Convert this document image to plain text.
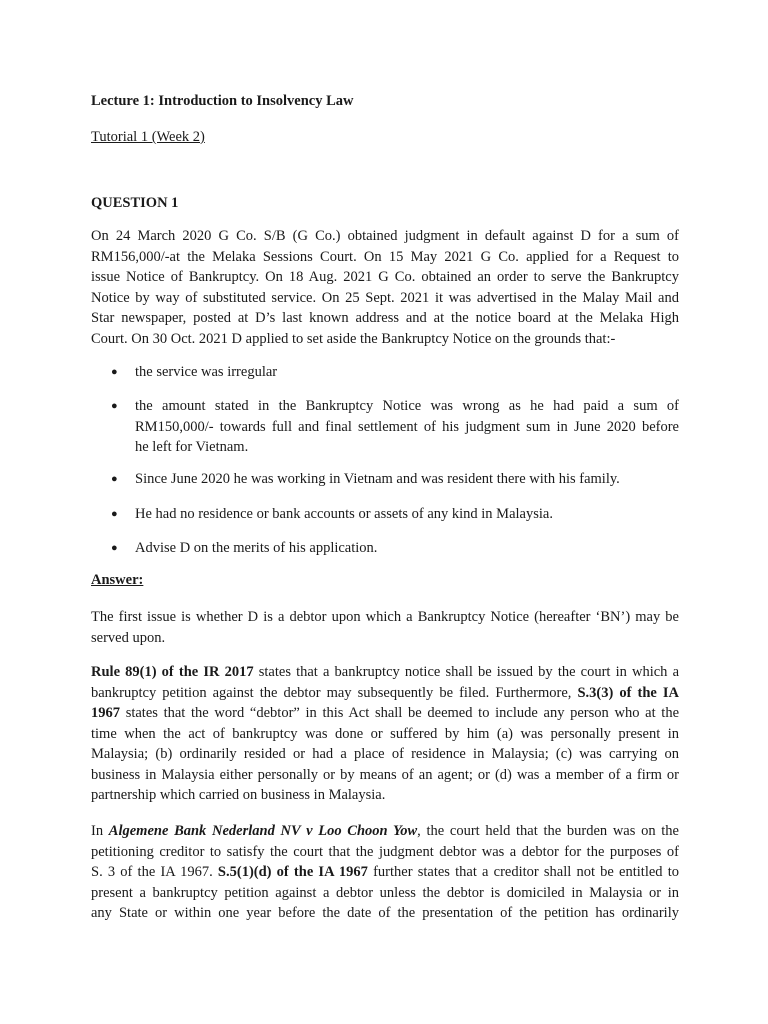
Lecture 1: Introduction to Insolvency Law
Tutorial 1 (Week 2)
QUESTION 1
On 24 March 2020 G Co. S/B (G Co.) obtained judgment in default against D for a sum of
RM156,000/-at the Melaka Sessions Court. On 15 May 2021 G Co. applied for a Request to
issue Notice of Bankruptcy. On 18 Aug. 2021 G Co. obtained an order to serve the Bankruptcy
Notice by way of substituted service. On 25 Sept. 2021 it was advertised in the Malay Mail and
Star newspaper, posted at D’s last known address and at the notice board at the Melaka High
Court. On 30 Oct. 2021 D applied to set aside the Bankruptcy Notice on the grounds that:-
● the service was irregular
● the amount stated in the Bankruptcy Notice was wrong as he had paid a sum of
RM150,000/- towards full and final settlement of his judgment sum in June 2020 before
he left for Vietnam.
● Since June 2020 he was working in Vietnam and was resident there with his family.
● He had no residence or bank accounts or assets of any kind in Malaysia.
● Advise D on the merits of his application.
Answer:
The first issue is whether D is a debtor upon which a Bankruptcy Notice (hereafter ‘BN’) may be
served upon.
Rule 89(1) of the IR 2017 states that a bankruptcy notice shall be issued by the court in which a
bankruptcy petition against the debtor may subsequently be filed. Furthermore, S.3(3) of the IA
1967 states that the word “debtor” in this Act shall be deemed to include any person who at the
time when the act of bankruptcy was done or suffered by him (a) was personally present in
Malaysia; (b) ordinarily resided or had a place of residence in Malaysia; (c) was carrying on
business in Malaysia either personally or by means of an agent; or (d) was a member of a firm or
partnership which carried on business in Malaysia.
In Algemene Bank Nederland NV v Loo Choon Yow, the court held that the burden was on the
petitioning creditor to satisfy the court that the judgment debtor was a debtor for the purposes of
S. 3 of the IA 1967. S.5(1)(d) of the IA 1967 further states that a creditor shall not be entitled to
present a bankruptcy petition against a debtor unless the debtor is domiciled in Malaysia or in
any State or within one year before the date of the presentation of the petition has ordinarily
